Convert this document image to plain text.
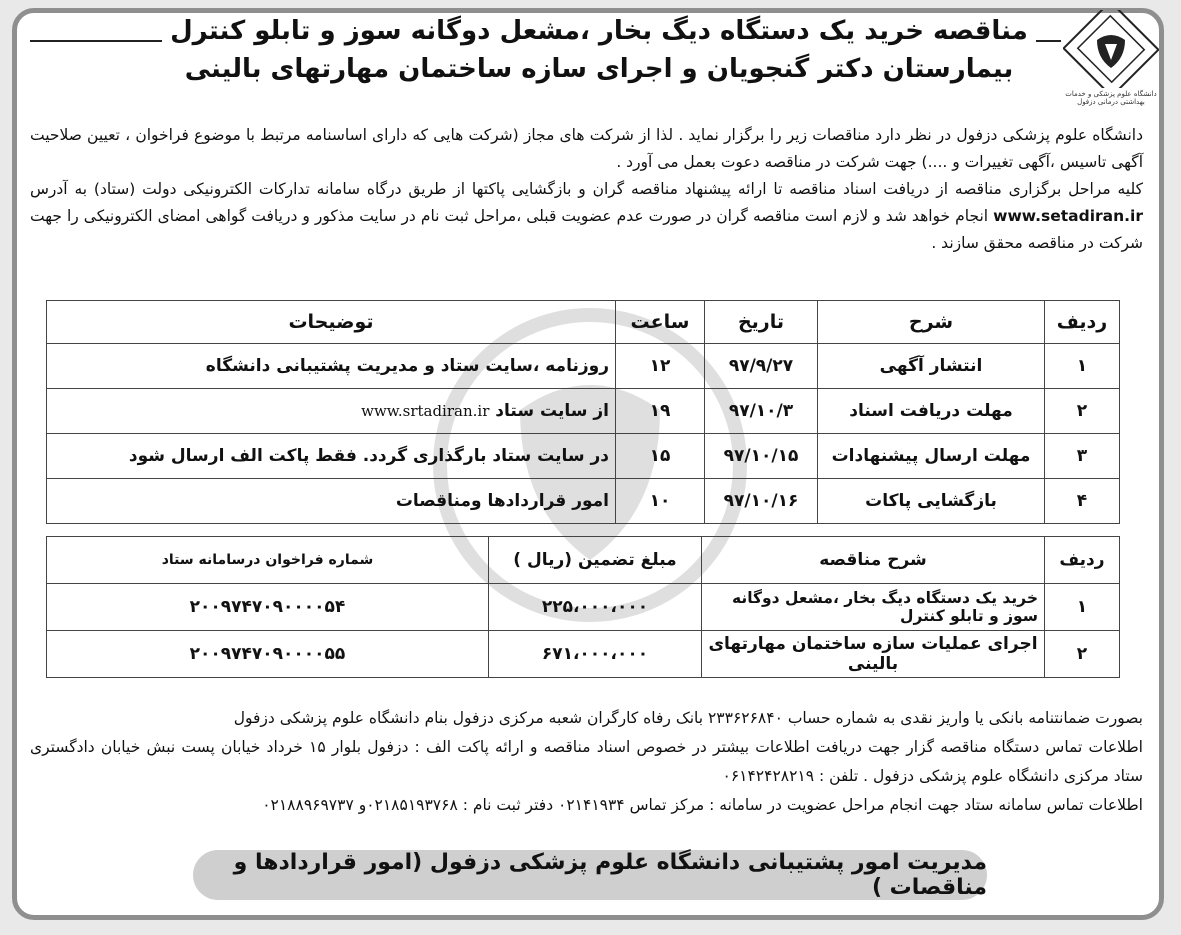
دانشگاه علوم پزشکی و خدمات بهداشتی درمانی دزفول
مناقصه خرید یک دستگاه دیگ بخار ،مشعل دوگانه سوز و تابلو کنترل
بیمارستان دکتر گنجویان و اجرای سازه ساختمان مهارتهای بالینی

دانشگاه علوم پزشکی دزفول در نظر دارد مناقصات زیر را برگزار نماید . لذا از شرکت های مجاز (شرکت هایی که دارای اساسنامه مرتبط با موضوع فراخوان ، تعیین صلاحیت آگهی تاسیس ،آگهی تغییرات و ....) جهت شرکت در مناقصه دعوت بعمل می آورد .

کلیه مراحل برگزاری مناقصه از دریافت اسناد مناقصه تا ارائه پیشنهاد مناقصه گران و بازگشایی پاکتها از طریق درگاه سامانه تدارکات الکترونیکی دولت (ستاد) به آدرس www.setadiran.ir انجام خواهد شد و لازم است مناقصه گران در صورت عدم عضویت قبلی ،مراحل ثبت نام در سایت مذکور و دریافت گواهی امضای الکترونیکی را جهت شرکت در مناقصه محقق سازند .

ردیف	شرح	تاریخ	ساعت	توضیحات
۱	انتشار آگهی	۹۷/۹/۲۷	۱۲	روزنامه ،سایت ستاد و مدیریت پشتیبانی دانشگاه
۲	مهلت دریافت اسناد	۹۷/۱۰/۳	۱۹	از سایت ستاد www.srtadiran.ir
۳	مهلت ارسال پیشنهادات	۹۷/۱۰/۱۵	۱۵	در سایت ستاد بارگذاری گردد. فقط پاکت الف ارسال شود
۴	بازگشایی پاکات	۹۷/۱۰/۱۶	۱۰	امور قراردادها ومناقصات
ردیف	شرح مناقصه	مبلغ تضمین (ریال )	شماره فراخوان درسامانه ستاد
۱	خرید یک دستگاه دیگ بخار ،مشعل دوگانه سوز و تابلو کنترل	۲۲۵،۰۰۰،۰۰۰	۲۰۰۹۷۴۷۰۹۰۰۰۰۵۴
۲	اجرای عملیات سازه ساختمان مهارتهای بالینی	۶۷۱،۰۰۰،۰۰۰	۲۰۰۹۷۴۷۰۹۰۰۰۰۵۵

بصورت ضمانتنامه بانکی یا واریز نقدی به شماره حساب ۲۳۳۶۲۶۸۴۰ بانک رفاه کارگران شعبه مرکزی دزفول بنام دانشگاه علوم پزشکی دزفول

اطلاعات تماس دستگاه مناقصه گزار جهت دریافت اطلاعات بیشتر در خصوص اسناد مناقصه و ارائه پاکت الف : دزفول بلوار ۱۵ خرداد خیابان پست نبش خیابان دادگستری ستاد مرکزی دانشگاه علوم پزشکی دزفول . تلفن : ۰۶۱۴۲۴۲۸۲۱۹

اطلاعات تماس سامانه ستاد جهت انجام مراحل عضویت در سامانه : مرکز تماس ۰۲۱۴۱۹۳۴ دفتر ثبت نام : ۰۲۱۸۵۱۹۳۷۶۸و ۰۲۱۸۸۹۶۹۷۳۷

مدیریت امور پشتیبانی دانشگاه علوم پزشکی دزفول (امور قراردادها و مناقصات )
